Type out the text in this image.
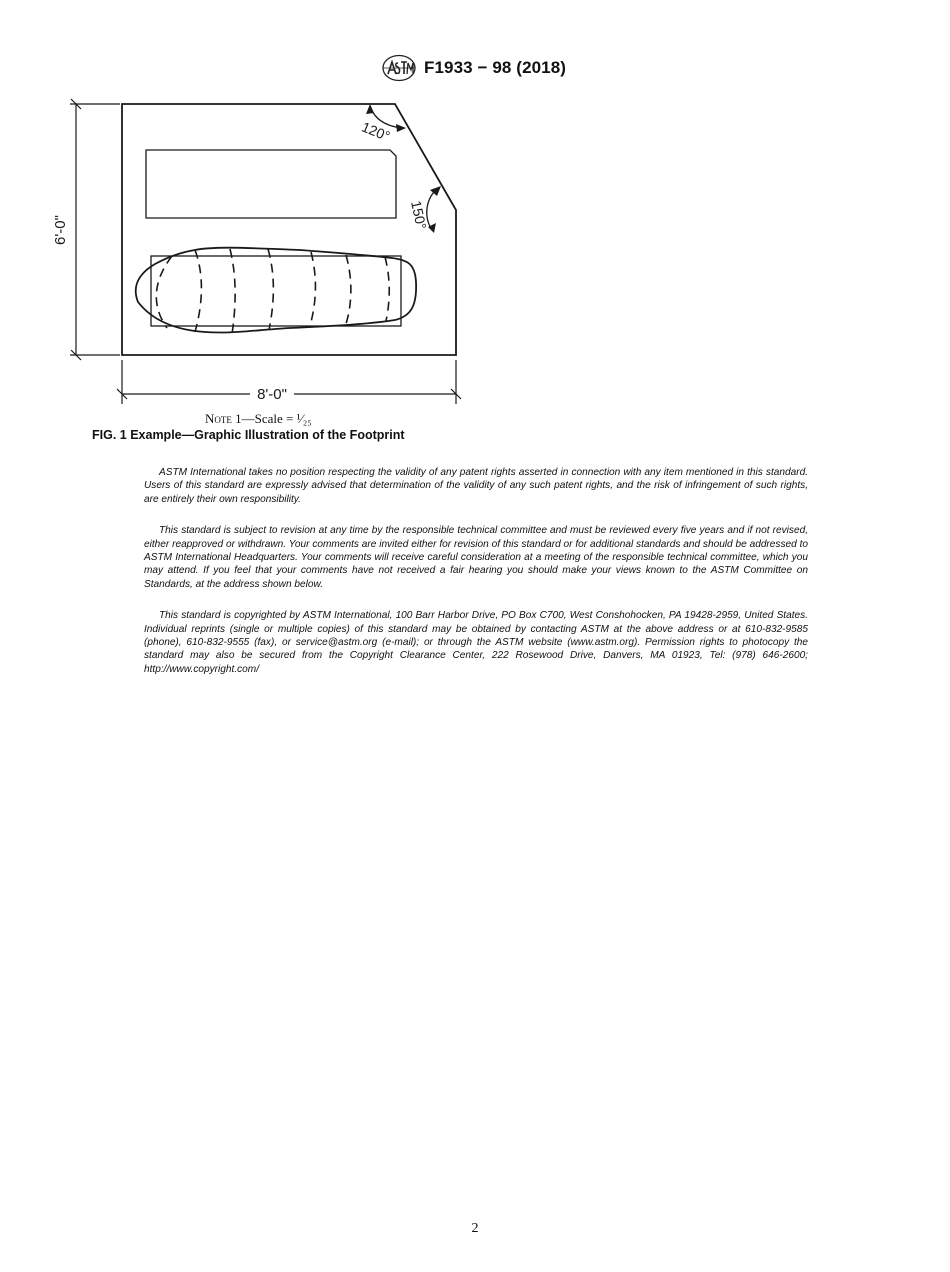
F1933 − 98 (2018)
6'-0"
8'-0"
120°
150°
Note 1—Scale = ¹⁄₂₅
FIG. 1 Example—Graphic Illustration of the Footprint

ASTM International takes no position respecting the validity of any patent rights asserted in connection with any item mentioned in this standard. Users of this standard are expressly advised that determination of the validity of any such patent rights, and the risk of infringement of such rights, are entirely their own responsibility.

This standard is subject to revision at any time by the responsible technical committee and must be reviewed every five years and if not revised, either reapproved or withdrawn. Your comments are invited either for revision of this standard or for additional standards and should be addressed to ASTM International Headquarters. Your comments will receive careful consideration at a meeting of the responsible technical committee, which you may attend. If you feel that your comments have not received a fair hearing you should make your views known to the ASTM Committee on Standards, at the address shown below.

This standard is copyrighted by ASTM International, 100 Barr Harbor Drive, PO Box C700, West Conshohocken, PA 19428-2959, United States. Individual reprints (single or multiple copies) of this standard may be obtained by contacting ASTM at the above address or at 610-832-9585 (phone), 610-832-9555 (fax), or service@astm.org (e-mail); or through the ASTM website (www.astm.org). Permission rights to photocopy the standard may also be secured from the Copyright Clearance Center, 222 Rosewood Drive, Danvers, MA 01923, Tel: (978) 646-2600; http://www.copyright.com/

2
